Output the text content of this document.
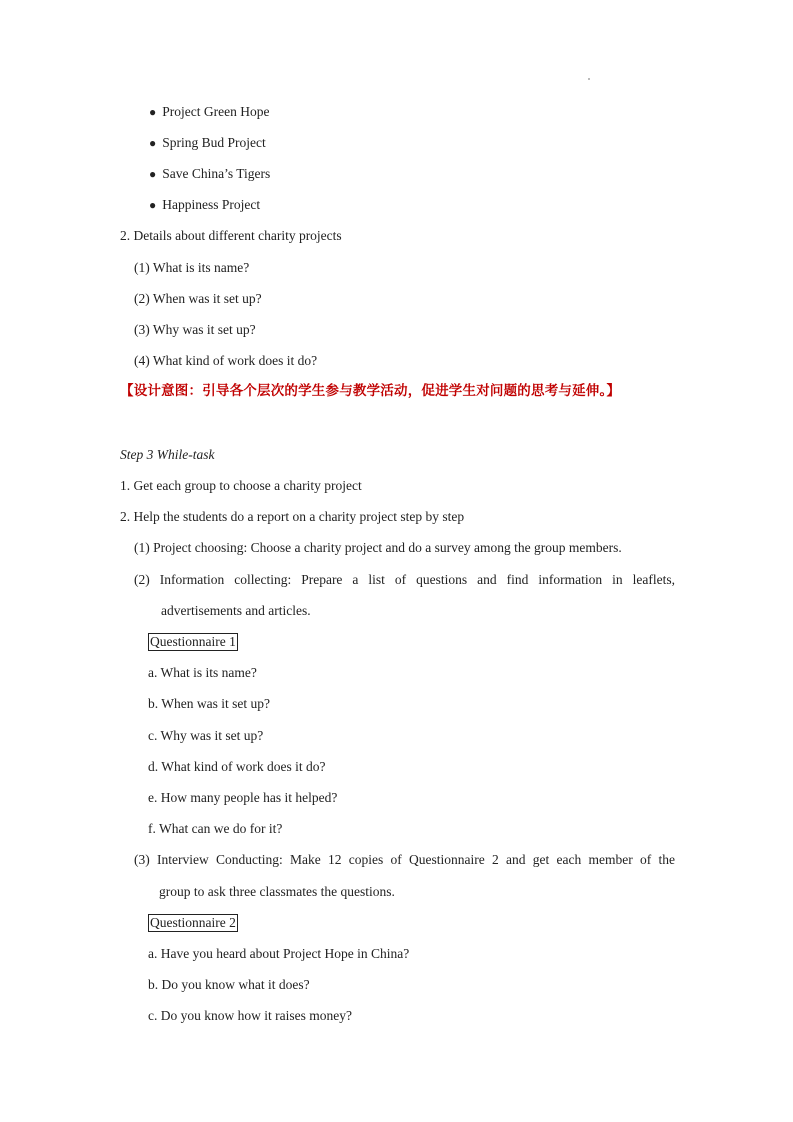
● Project Green Hope
● Spring Bud Project
● Save China’s Tigers
● Happiness Project
2. Details about different charity projects
(1) What is its name?
(2) When was it set up?
(3) Why was it set up?
(4) What kind of work does it do?
【设计意图：引导各个层次的学生参与教学活动，促进学生对问题的思考与延伸。】
Step 3 While-task
1. Get each group to choose a charity project
2. Help the students do a report on a charity project step by step
(1) Project choosing: Choose a charity project and do a survey among the group members.
(2) Information collecting: Prepare a list of questions and find information in leaflets,
advertisements and articles.
Questionnaire 1
a. What is its name?
b. When was it set up?
c. Why was it set up?
d. What kind of work does it do?
e. How many people has it helped?
f. What can we do for it?
(3) Interview Conducting: Make 12 copies of Questionnaire 2 and get each member of the
group to ask three classmates the questions.
Questionnaire 2
a. Have you heard about Project Hope in China?
b. Do you know what it does?
c. Do you know how it raises money?
